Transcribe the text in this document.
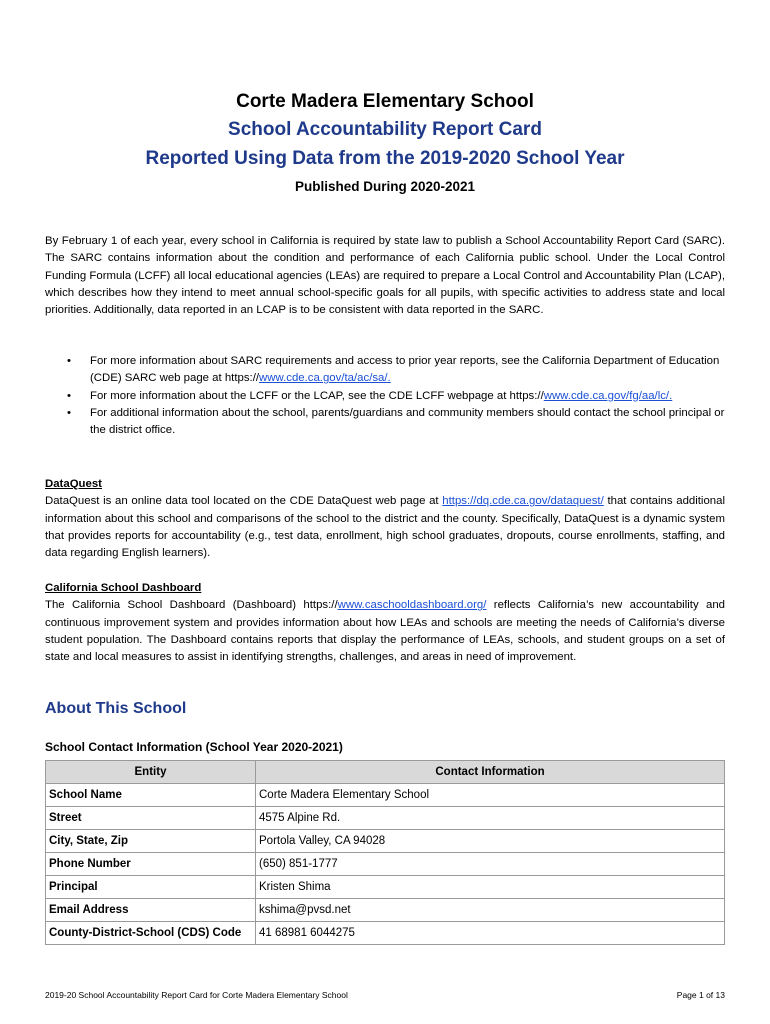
Corte Madera Elementary School
School Accountability Report Card
Reported Using Data from the 2019-2020 School Year
Published During 2020-2021

By February 1 of each year, every school in California is required by state law to publish a School Accountability Report Card (SARC). The SARC contains information about the condition and performance of each California public school. Under the Local Control Funding Formula (LCFF) all local educational agencies (LEAs) are required to prepare a Local Control and Accountability Plan (LCAP), which describes how they intend to meet annual school-specific goals for all pupils, with specific activities to address state and local priorities. Additionally, data reported in an LCAP is to be consistent with data reported in the SARC.

• For more information about SARC requirements and access to prior year reports, see the California Department of Education (CDE) SARC web page at https://www.cde.ca.gov/ta/ac/sa/.
• For more information about the LCFF or the LCAP, see the CDE LCFF webpage at https://www.cde.ca.gov/fg/aa/lc/.
• For additional information about the school, parents/guardians and community members should contact the school principal or the district office.
DataQuest
DataQuest is an online data tool located on the CDE DataQuest web page at https://dq.cde.ca.gov/dataquest/ that contains additional information about this school and comparisons of the school to the district and the county. Specifically, DataQuest is a dynamic system that provides reports for accountability (e.g., test data, enrollment, high school graduates, dropouts, course enrollments, staffing, and data regarding English learners).
California School Dashboard
The California School Dashboard (Dashboard) https://www.caschooldashboard.org/ reflects California’s new accountability and continuous improvement system and provides information about how LEAs and schools are meeting the needs of California’s diverse student population. The Dashboard contains reports that display the performance of LEAs, schools, and student groups on a set of state and local measures to assist in identifying strengths, challenges, and areas in need of improvement.
About This School
School Contact Information (School Year 2020-2021)
Entity	Contact Information
School Name	Corte Madera Elementary School
Street	4575 Alpine Rd.
City, State, Zip	Portola Valley, CA 94028
Phone Number	(650) 851-1777
Principal	Kristen Shima
Email Address	kshima@pvsd.net
County-District-School (CDS) Code	41 68981 6044275
2019-20 School Accountability Report Card for Corte Madera Elementary School	Page 1 of 13
